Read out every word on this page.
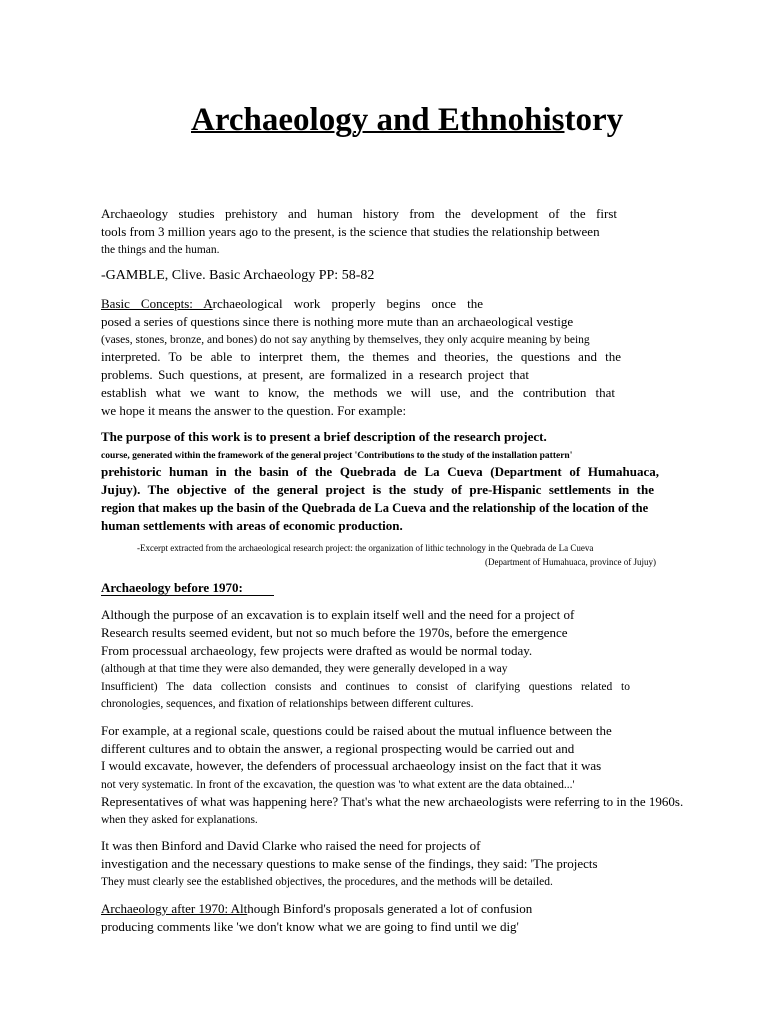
Archaeology and Ethnohistory
Archaeology studies prehistory and human history from the development of the first
tools from 3 million years ago to the present, is the science that studies the relationship between
the things and the human.
-GAMBLE, Clive. Basic Archaeology PP: 58-82
Basic Concepts: Archaeological work properly begins once the
posed a series of questions since there is nothing more mute than an archaeological vestige
(vases, stones, bronze, and bones) do not say anything by themselves, they only acquire meaning by being
interpreted. To be able to interpret them, the themes and theories, the questions and the
problems. Such questions, at present, are formalized in a research project that
establish what we want to know, the methods we will use, and the contribution that
we hope it means the answer to the question. For example:
The purpose of this work is to present a brief description of the research project.
course, generated within the framework of the general project 'Contributions to the study of the installation pattern'
prehistoric human in the basin of the Quebrada de La Cueva (Department of Humahuaca,
Jujuy). The objective of the general project is the study of pre-Hispanic settlements in the
region that makes up the basin of the Quebrada de La Cueva and the relationship of the location of the
human settlements with areas of economic production.
-Excerpt extracted from the archaeological research project: the organization of lithic technology in the Quebrada de La Cueva
(Department of Humahuaca, province of Jujuy)
Archaeology before 1970:
Although the purpose of an excavation is to explain itself well and the need for a project of
Research results seemed evident, but not so much before the 1970s, before the emergence
From processual archaeology, few projects were drafted as would be normal today.
(although at that time they were also demanded, they were generally developed in a way
Insufficient) The data collection consists and continues to consist of clarifying questions related to
chronologies, sequences, and fixation of relationships between different cultures.
For example, at a regional scale, questions could be raised about the mutual influence between the
different cultures and to obtain the answer, a regional prospecting would be carried out and
I would excavate, however, the defenders of processual archaeology insist on the fact that it was
not very systematic. In front of the excavation, the question was 'to what extent are the data obtained...'
Representatives of what was happening here? That's what the new archaeologists were referring to in the 1960s.
when they asked for explanations.
It was then Binford and David Clarke who raised the need for projects of
investigation and the necessary questions to make sense of the findings, they said: 'The projects
They must clearly see the established objectives, the procedures, and the methods will be detailed.
Archaeology after 1970: Although Binford's proposals generated a lot of confusion
producing comments like 'we don't know what we are going to find until we dig'
